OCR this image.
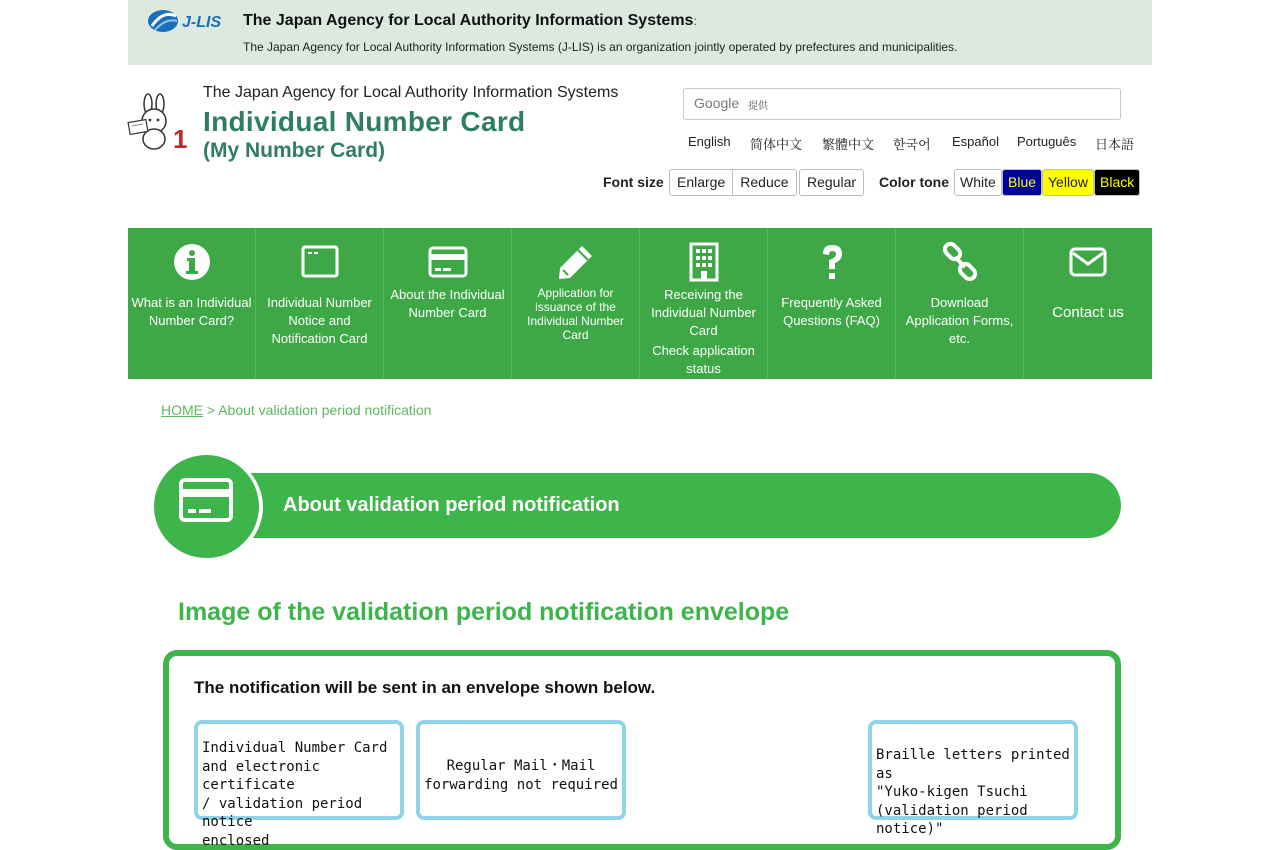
J-LIS The Japan Agency for Local Authority Information Systems:
The Japan Agency for Local Authority Information Systems (J-LIS) is an organization jointly operated by prefectures and municipalities.
1
The Japan Agency for Local Authority Information Systems
Individual Number Card
(My Number Card)
Google 提供
English 简体中文 繁體中文 한국어 Español Português 日本語
Font size Enlarge	Reduce	Regular	Color tone White Blue Yellow Black
What is an Individual Number Card?
Individual Number Notice and Notification Card
About the Individual Number Card
Application for issuance of the Individual Number Card
Receiving the Individual Number Card
Check application status
Frequently Asked Questions (FAQ)
Download Application Forms, etc.
Contact us
HOME > About validation period notification
About validation period notification
Image of the validation period notification envelope
The notification will be sent in an envelope shown below.
Individual Number Card
and electronic certificate
/ validation period notice
enclosed
Regular Mail・Mail
forwarding not required
Braille letters printed as
"Yuko-kigen Tsuchi
(validation period notice)"
